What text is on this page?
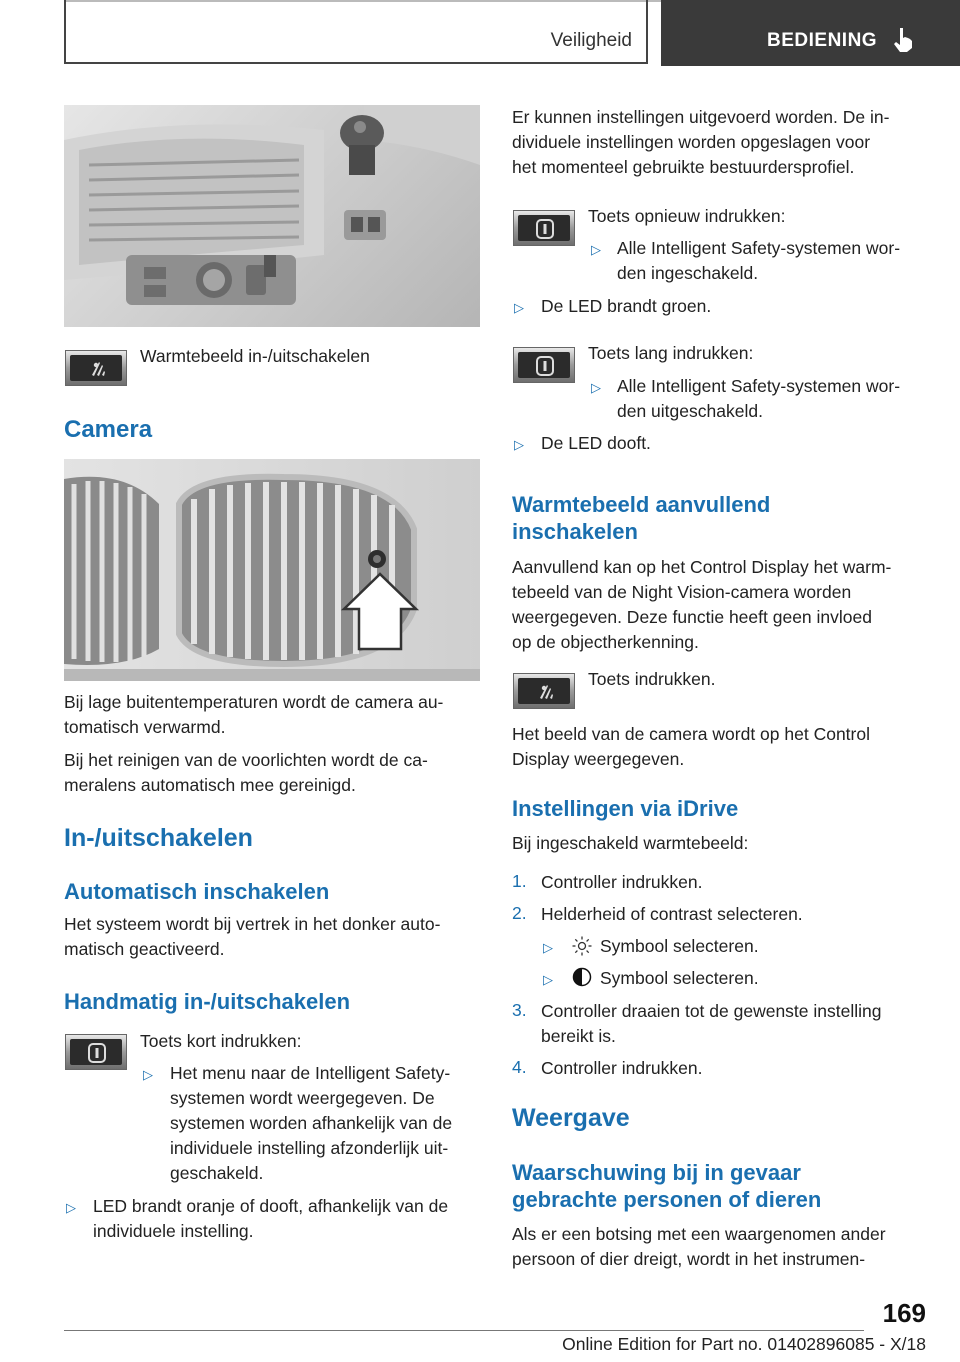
Veiligheid	BEDIENING
Warmtebeeld in-/uitschakelen
Camera
Bij lage buitentemperaturen wordt de camera au-
tomatisch verwarmd.
Bij het reinigen van de voorlichten wordt de ca-
meralens automatisch mee gereinigd.
In-/uitschakelen
Automatisch inschakelen
Het systeem wordt bij vertrek in het donker auto-
matisch geactiveerd.
Handmatig in-/uitschakelen
Toets kort indrukken:
▷ Het menu naar de Intelligent Safety-
systemen wordt weergegeven. De
systemen worden afhankelijk van de
individuele instelling afzonderlijk uit-
geschakeld.
▷ LED brandt oranje of dooft, afhankelijk van de
individuele instelling.
Er kunnen instellingen uitgevoerd worden. De in-
dividuele instellingen worden opgeslagen voor
het momenteel gebruikte bestuurdersprofiel.
Toets opnieuw indrukken:
▷ Alle Intelligent Safety-systemen wor-
den ingeschakeld.
▷ De LED brandt groen.
Toets lang indrukken:
▷ Alle Intelligent Safety-systemen wor-
den uitgeschakeld.
▷ De LED dooft.
Warmtebeeld aanvullend
inschakelen
Aanvullend kan op het Control Display het warm-
tebeeld van de Night Vision-camera worden
weergegeven. Deze functie heeft geen invloed
op de objectherkenning.
Toets indrukken.
Het beeld van de camera wordt op het Control
Display weergegeven.
Instellingen via iDrive
Bij ingeschakeld warmtebeeld:
1. Controller indrukken.
2. Helderheid of contrast selecteren.
▷	Symbool selecteren.
▷	Symbool selecteren.
3. Controller draaien tot de gewenste instelling
bereikt is.
4. Controller indrukken.
Weergave
Waarschuwing bij in gevaar
gebrachte personen of dieren
Als er een botsing met een waargenomen ander
persoon of dier dreigt, wordt in het instrumen-
169
Online Edition for Part no. 01402896085 - X/18
